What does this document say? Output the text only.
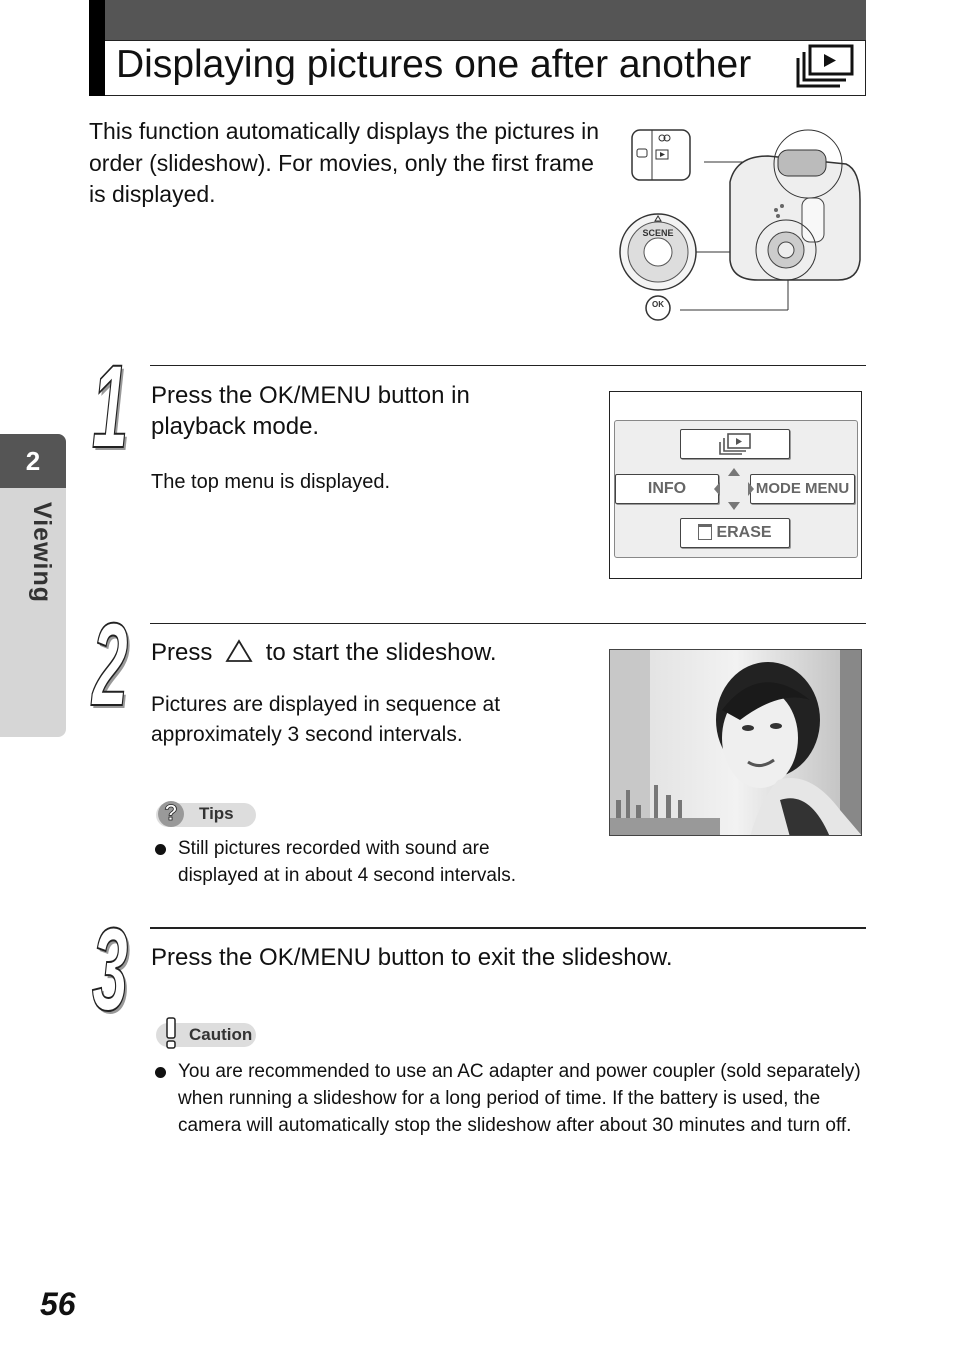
Displaying pictures one after another
2
Viewing
This function automatically displays the pictures in order (slideshow). For movies, only the first frame is displayed.
SCENE
OK
1 Press the OK/MENU button in playback mode.
The top menu is displayed.	INFO	MODE MENU
ERASE
2 Press to start the slideshow.
Pictures are displayed in sequence at approximately 3 second intervals.
? Tips
Still pictures recorded with sound are displayed at in about 4 second intervals.
3 Press the OK/MENU button to exit the slideshow.
Caution
You are recommended to use an AC adapter and power coupler (sold separately) when running a slideshow for a long period of time. If the battery is used, the camera will automatically stop the slideshow after about 30 minutes and turn off.
56
